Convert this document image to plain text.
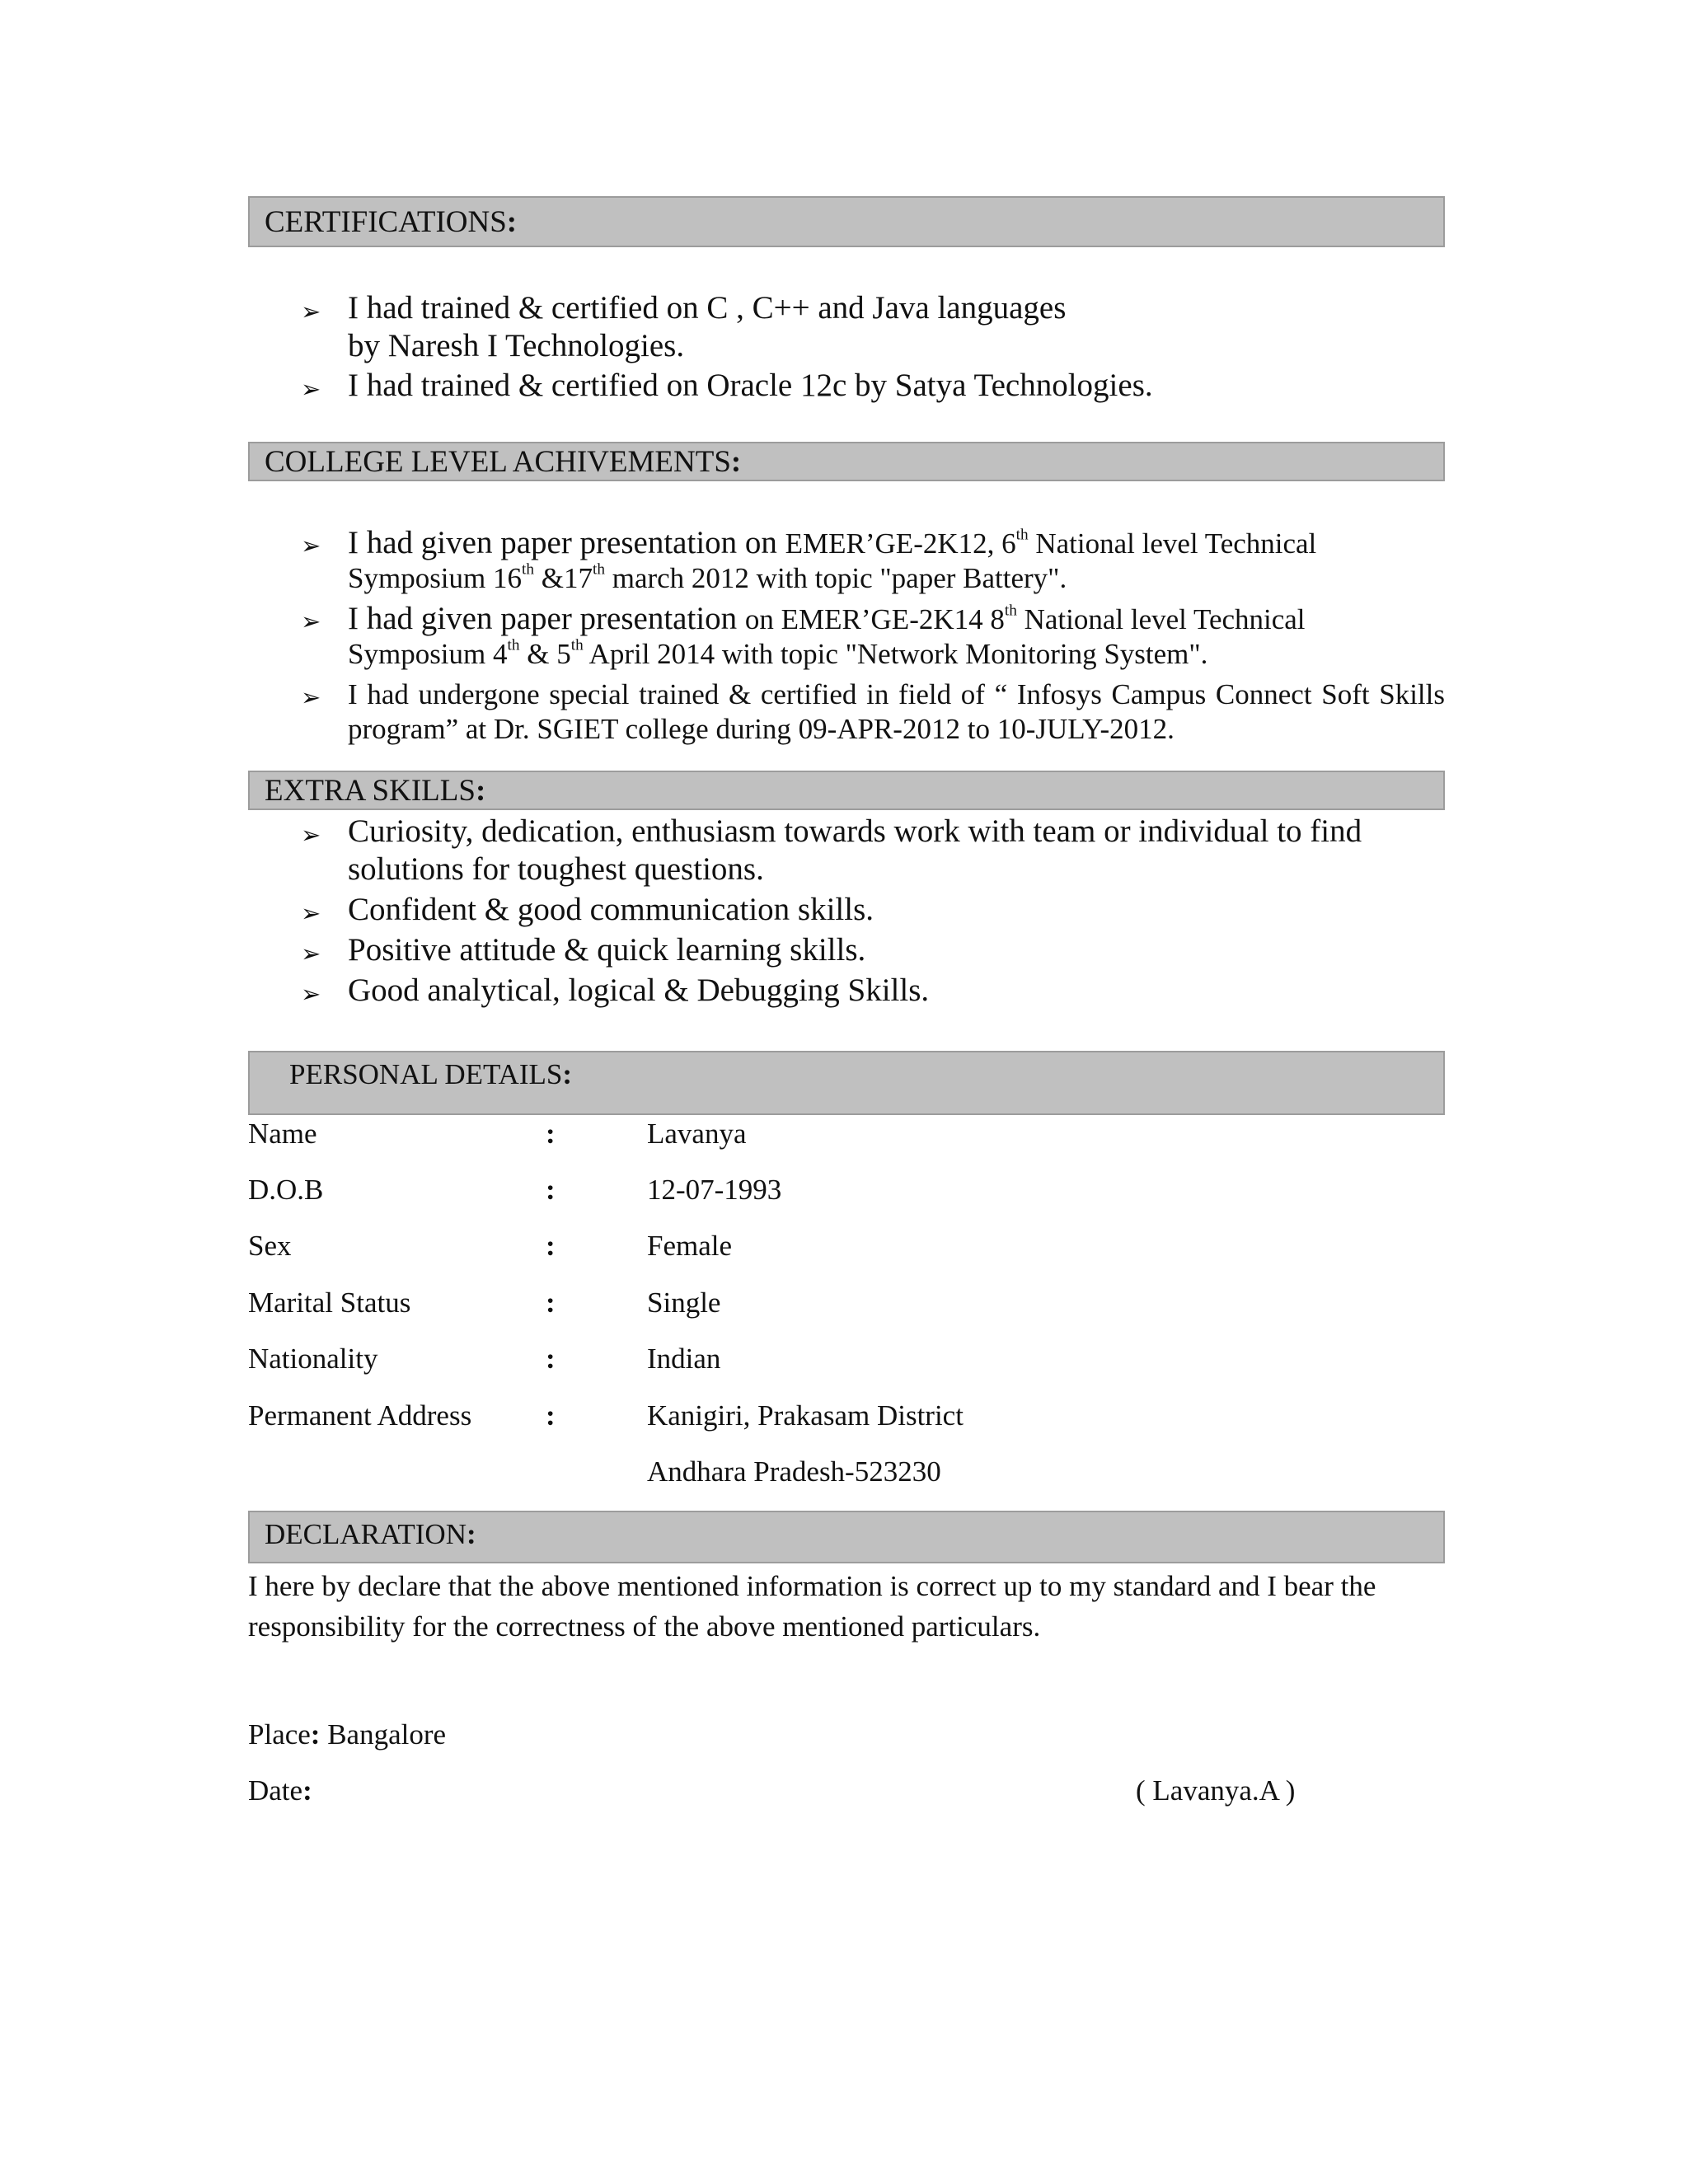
CERTIFICATIONS :
➢ I had trained & certified on C , C++ and Java languages
by Naresh I Technologies.
➢ I had trained & certified on Oracle 12c by Satya Technologies.
COLLEGE LEVEL ACHIVEMENTS :
➢ I had given paper presentation on EMER’GE-2K12, 6th National level Technical Symposium 16th &17th march 2012 with topic "paper Battery".
➢ I had given paper presentation on EMER’GE-2K14 8th National level Technical Symposium 4th & 5th April 2014 with topic "Network Monitoring System".
➢ I had undergone special trained & certified in field of “ Infosys Campus Connect Soft Skills program” at Dr. SGIET college during 09-APR-2012 to 10-JULY-2012.
EXTRA SKILLS :
➢ Curiosity, dedication, enthusiasm towards work with team or individual to find solutions for toughest questions.
➢ Confident & good communication skills.
➢ Positive attitude & quick learning skills.
➢ Good analytical, logical & Debugging Skills.
PERSONAL DETAILS :
Name	:	Lavanya
D.O.B	:	12-07-1993
Sex	:	Female
Marital Status	:	Single
Nationality	:	Indian
Permanent Address	:	Kanigiri, Prakasam District
Andhara Pradesh-523230
DECLARATION :
I here by declare that the above mentioned information is correct up to my standard and I bear the responsibility for the correctness of the above mentioned particulars.
Place: Bangalore
Date:	( Lavanya.A )
